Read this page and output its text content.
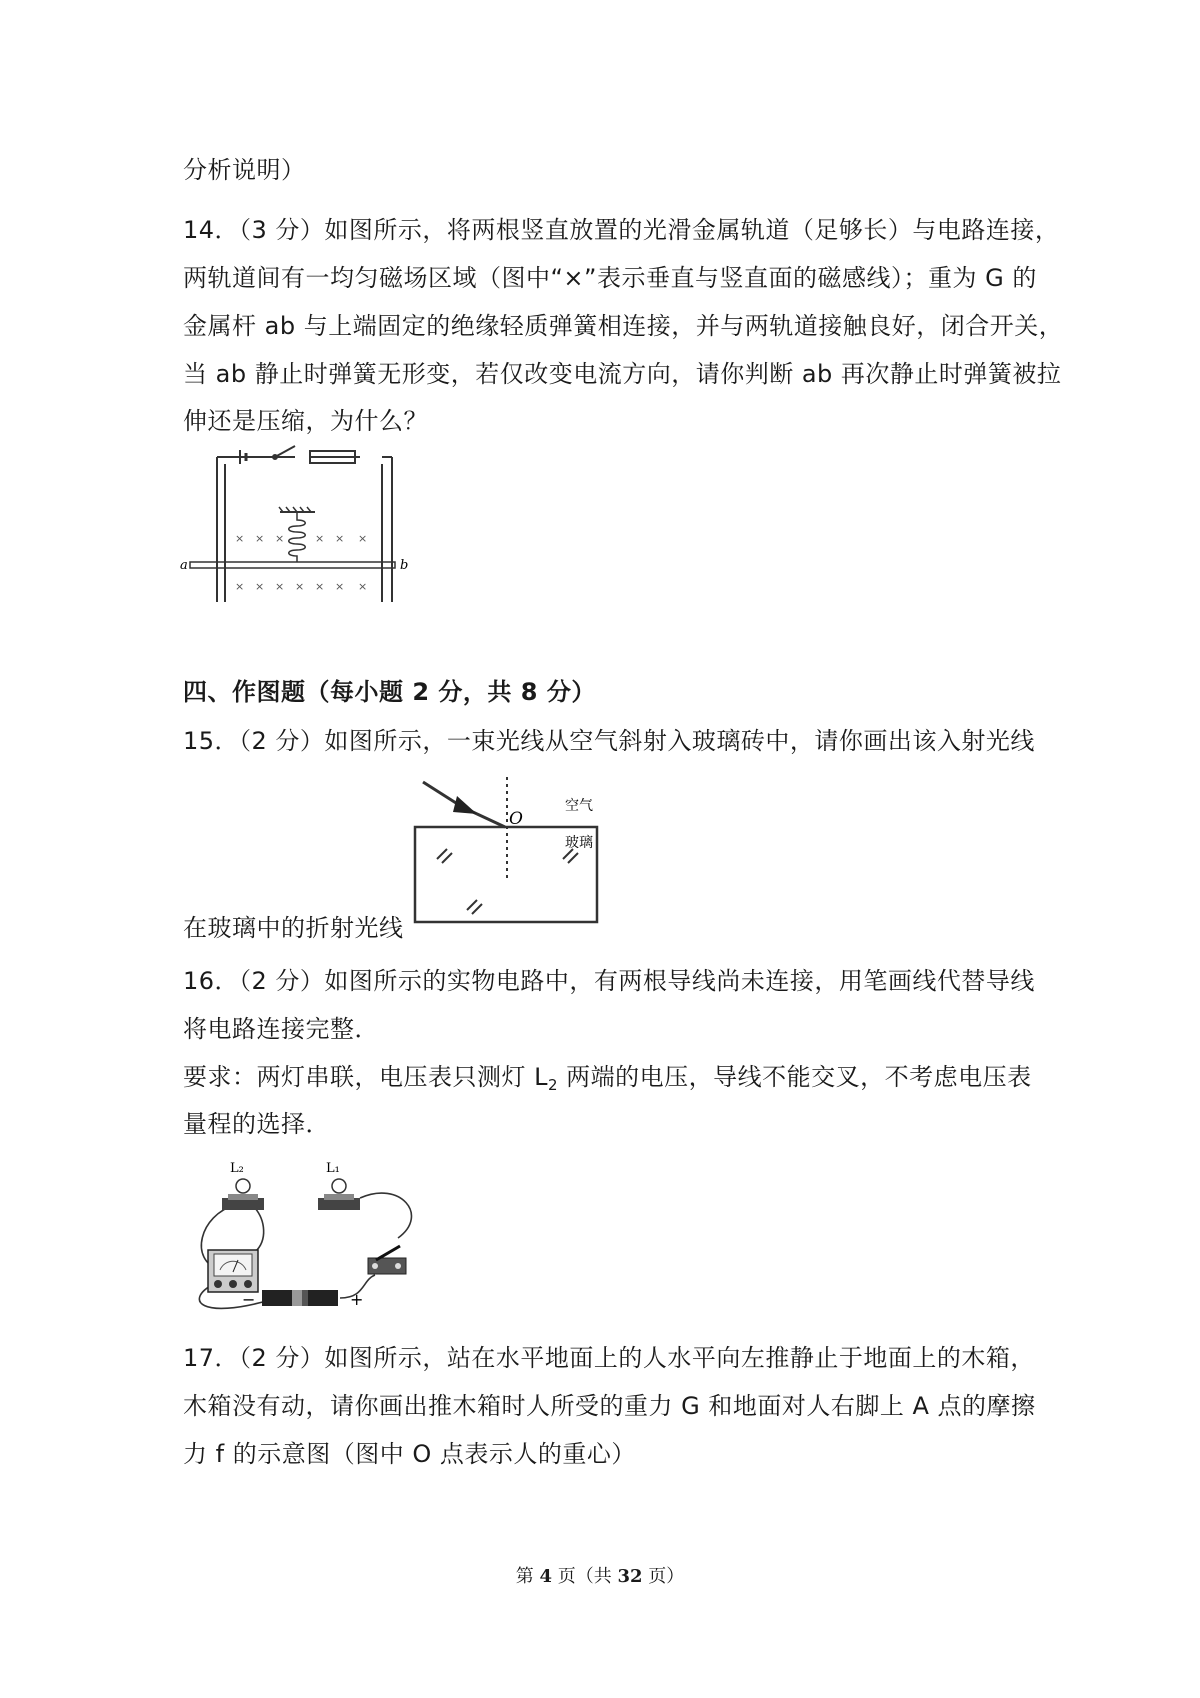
分析说明）
14．（3 分）如图所示，将两根竖直放置的光滑金属轨道（足够长）与电路连接，
两轨道间有一均匀磁场区域（图中“×”表示垂直与竖直面的磁感线）；重为 G 的
金属杆 ab 与上端固定的绝缘轻质弹簧相连接，并与两轨道接触良好，闭合开关，
当 ab 静止时弹簧无形变，若仅改变电流方向，请你判断 ab 再次静止时弹簧被拉
伸还是压缩，为什么？
× × ×	× × ×
× × × × × × ×
a	b
四、作图题（每小题 2 分，共 8 分）
15．（2 分）如图所示，一束光线从空气斜射入玻璃砖中，请你画出该入射光线
O
空气
玻璃
在玻璃中的折射光线
16．（2 分）如图所示的实物电路中，有两根导线尚未连接，用笔画线代替导线
将电路连接完整．
要求：两灯串联，电压表只测灯 $L_2$ 两端的电压，导线不能交叉，不考虑电压表
量程的选择．
L₂	L₁
−	+
17．（2 分）如图所示，站在水平地面上的人水平向左推静止于地面上的木箱，
木箱没有动，请你画出推木箱时人所受的重力 G 和地面对人右脚上 A 点的摩擦
力 f 的示意图（图中 O 点表示人的重心）
第 4 页（共 32 页）
